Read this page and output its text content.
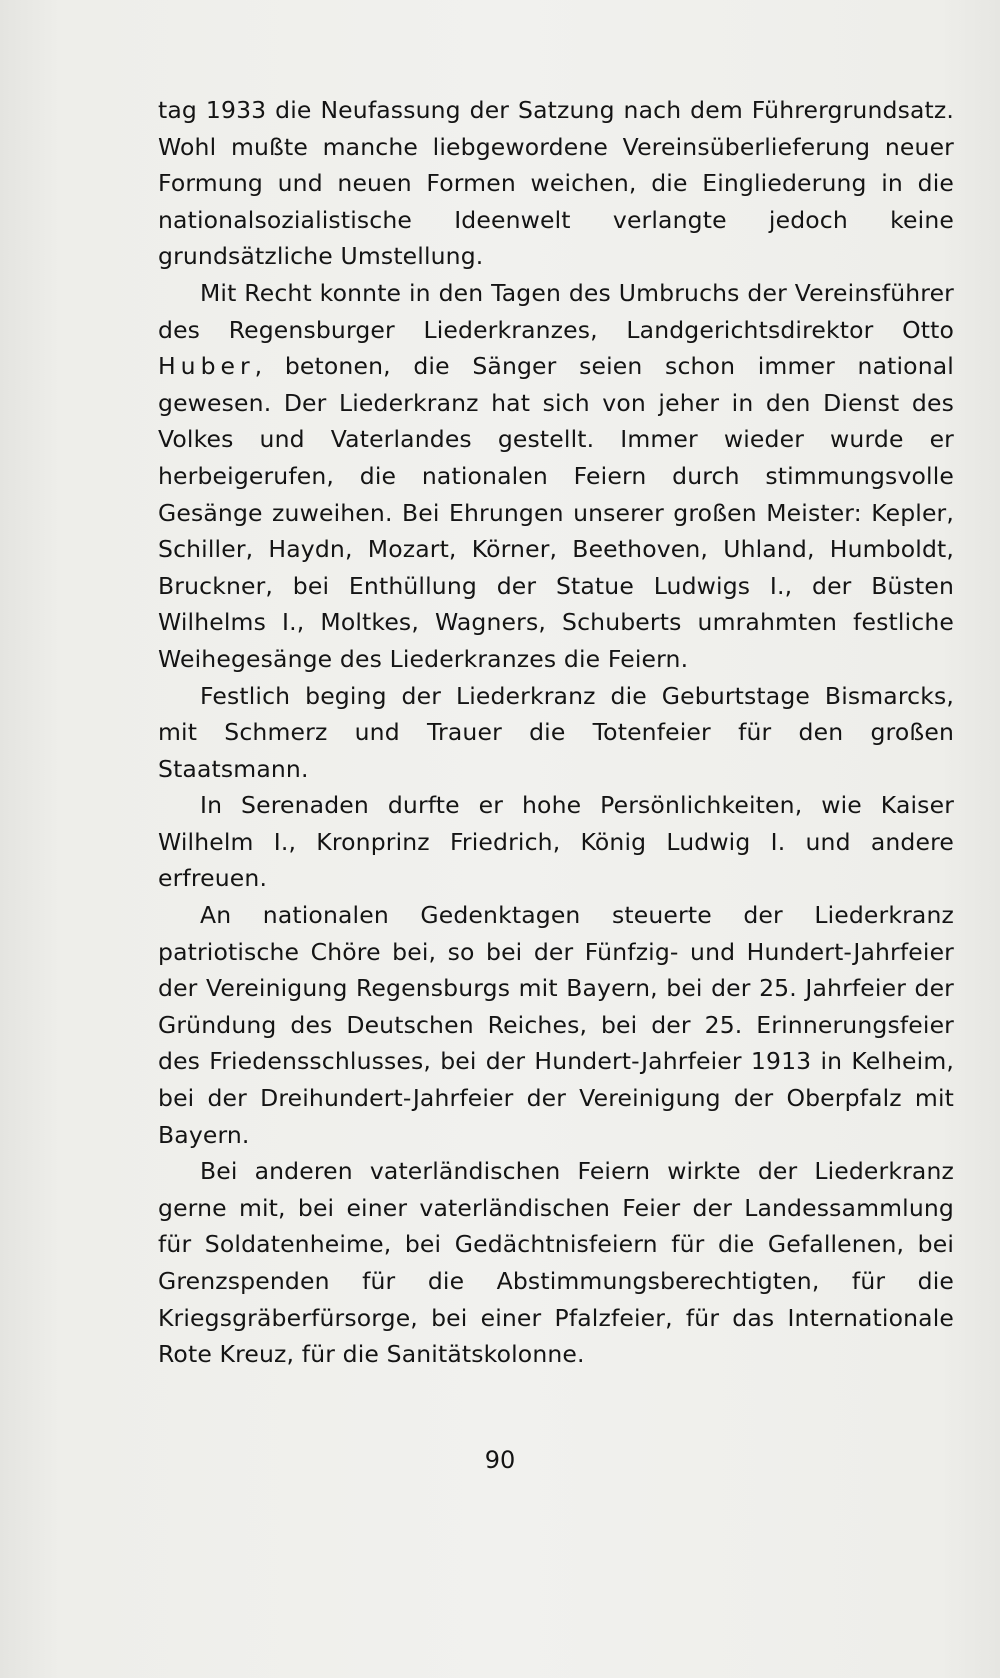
tag 1933 die Neufassung der Satzung nach dem Führergrundsatz. Wohl mußte manche liebgewordene Vereinsüberlieferung neuer Formung und neuen Formen weichen, die Eingliederung in die nationalsozialistische Ideenwelt verlangte jedoch keine grundsätzliche Umstellung.

Mit Recht konnte in den Tagen des Umbruchs der Vereinsführer des Regensburger Liederkranzes, Landgerichtsdirektor Otto Huber, betonen, die Sänger seien schon immer national gewesen. Der Liederkranz hat sich von jeher in den Dienst des Volkes und Vaterlandes gestellt. Immer wieder wurde er herbeigerufen, die nationalen Feiern durch stimmungsvolle Gesänge zuweihen. Bei Ehrungen unserer großen Meister: Kepler, Schiller, Haydn, Mozart, Körner, Beethoven, Uhland, Humboldt, Bruckner, bei Enthüllung der Statue Ludwigs I., der Büsten Wilhelms I., Moltkes, Wagners, Schuberts umrahmten festliche Weihegesänge des Liederkranzes die Feiern.

Festlich beging der Liederkranz die Geburtstage Bismarcks, mit Schmerz und Trauer die Totenfeier für den großen Staatsmann.

In Serenaden durfte er hohe Persönlichkeiten, wie Kaiser Wilhelm I., Kronprinz Friedrich, König Ludwig I. und andere erfreuen.

An nationalen Gedenktagen steuerte der Liederkranz patriotische Chöre bei, so bei der Fünfzig- und Hundert-Jahrfeier der Vereinigung Regensburgs mit Bayern, bei der 25. Jahrfeier der Gründung des Deutschen Reiches, bei der 25. Erinnerungsfeier des Friedensschlusses, bei der Hundert-Jahrfeier 1913 in Kelheim, bei der Dreihundert-Jahrfeier der Vereinigung der Oberpfalz mit Bayern.

Bei anderen vaterländischen Feiern wirkte der Liederkranz gerne mit, bei einer vaterländischen Feier der Landessammlung für Soldatenheime, bei Gedächtnisfeiern für die Gefallenen, bei Grenzspenden für die Abstimmungsberechtigten, für die Kriegsgräberfürsorge, bei einer Pfalzfeier, für das Internationale Rote Kreuz, für die Sanitätskolonne.

90
